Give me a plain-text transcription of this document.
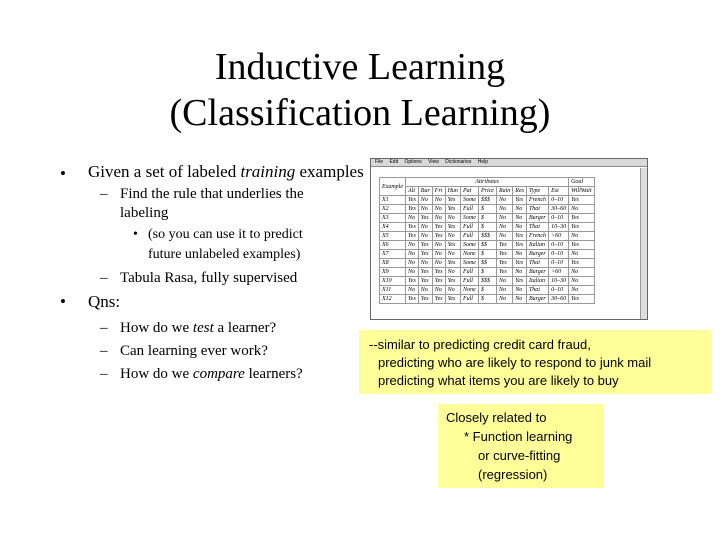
Inductive Learning
(Classification Learning)
• Given a set of labeled training examples
– Find the rule that underlies the
labeling
• (so you can use it to predict
future unlabeled examples)
– Tabula Rasa, fully supervised
• Qns:
– How do we test a learner?
– Can learning ever work?
– How do we compare learners?
File Edit Options View Dictionaries Help
Example	Attributes										Goal
	Alt	Bar	Fri	Hun	Pat	Price	Rain	Res	Type	Est	WillWait
X1	Yes	No	No	Yes	Some	$$$	No	Yes	French	0–10	Yes
X2	Yes	No	No	Yes	Full	$	No	No	Thai	30–60	No
X3	No	Yes	No	No	Some	$	No	No	Burger	0–10	Yes
X4	Yes	No	Yes	Yes	Full	$	No	No	Thai	10–30	Yes
X5	Yes	No	Yes	No	Full	$$$	No	Yes	French	>60	No
X6	No	Yes	No	Yes	Some	$$	Yes	Yes	Italian	0–10	Yes
X7	No	Yes	No	No	None	$	Yes	No	Burger	0–10	No
X8	No	No	No	Yes	Some	$$	Yes	Yes	Thai	0–10	Yes
X9	No	Yes	Yes	No	Full	$	Yes	No	Burger	>60	No
X10	Yes	Yes	Yes	Yes	Full	$$$	No	Yes	Italian	10–30	No
X11	No	No	No	No	None	$	No	No	Thai	0–10	No
X12	Yes	Yes	Yes	Yes	Full	$	No	No	Burger	30–60	Yes
--similar to predicting credit card fraud,
predicting who are likely to respond to junk mail
predicting what items you are likely to buy
Closely related to
* Function learning
or curve-fitting
(regression)
